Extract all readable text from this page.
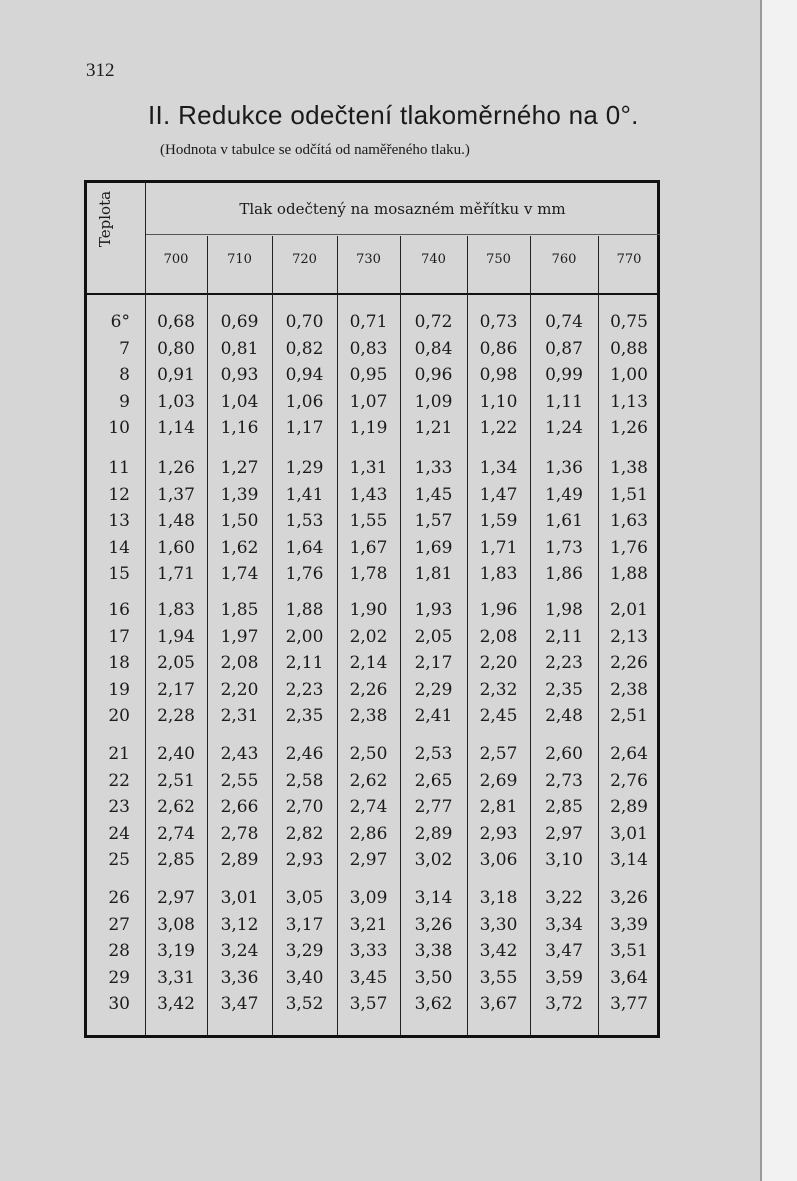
312
II. Redukce odečtení tlakoměrného na 0°.
(Hodnota v tabulce se odčítá od naměřeného tlaku.)
Teplota	Tlak odečtený na mosazném měřítku v mm
700	710	720	730	740	750	760	770
6°	0,68	0,69	0,70	0,71	0,72	0,73	0,74	0,75
7	0,80	0,81	0,82	0,83	0,84	0,86	0,87	0,88
8	0,91	0,93	0,94	0,95	0,96	0,98	0,99	1,00
9	1,03	1,04	1,06	1,07	1,09	1,10	1,11	1,13
10	1,14	1,16	1,17	1,19	1,21	1,22	1,24	1,26
11	1,26	1,27	1,29	1,31	1,33	1,34	1,36	1,38
12	1,37	1,39	1,41	1,43	1,45	1,47	1,49	1,51
13	1,48	1,50	1,53	1,55	1,57	1,59	1,61	1,63
14	1,60	1,62	1,64	1,67	1,69	1,71	1,73	1,76
15	1,71	1,74	1,76	1,78	1,81	1,83	1,86	1,88
16	1,83	1,85	1,88	1,90	1,93	1,96	1,98	2,01
17	1,94	1,97	2,00	2,02	2,05	2,08	2,11	2,13
18	2,05	2,08	2,11	2,14	2,17	2,20	2,23	2,26
19	2,17	2,20	2,23	2,26	2,29	2,32	2,35	2,38
20	2,28	2,31	2,35	2,38	2,41	2,45	2,48	2,51
21	2,40	2,43	2,46	2,50	2,53	2,57	2,60	2,64
22	2,51	2,55	2,58	2,62	2,65	2,69	2,73	2,76
23	2,62	2,66	2,70	2,74	2,77	2,81	2,85	2,89
24	2,74	2,78	2,82	2,86	2,89	2,93	2,97	3,01
25	2,85	2,89	2,93	2,97	3,02	3,06	3,10	3,14
26	2,97	3,01	3,05	3,09	3,14	3,18	3,22	3,26
27	3,08	3,12	3,17	3,21	3,26	3,30	3,34	3,39
28	3,19	3,24	3,29	3,33	3,38	3,42	3,47	3,51
29	3,31	3,36	3,40	3,45	3,50	3,55	3,59	3,64
30	3,42	3,47	3,52	3,57	3,62	3,67	3,72	3,77
